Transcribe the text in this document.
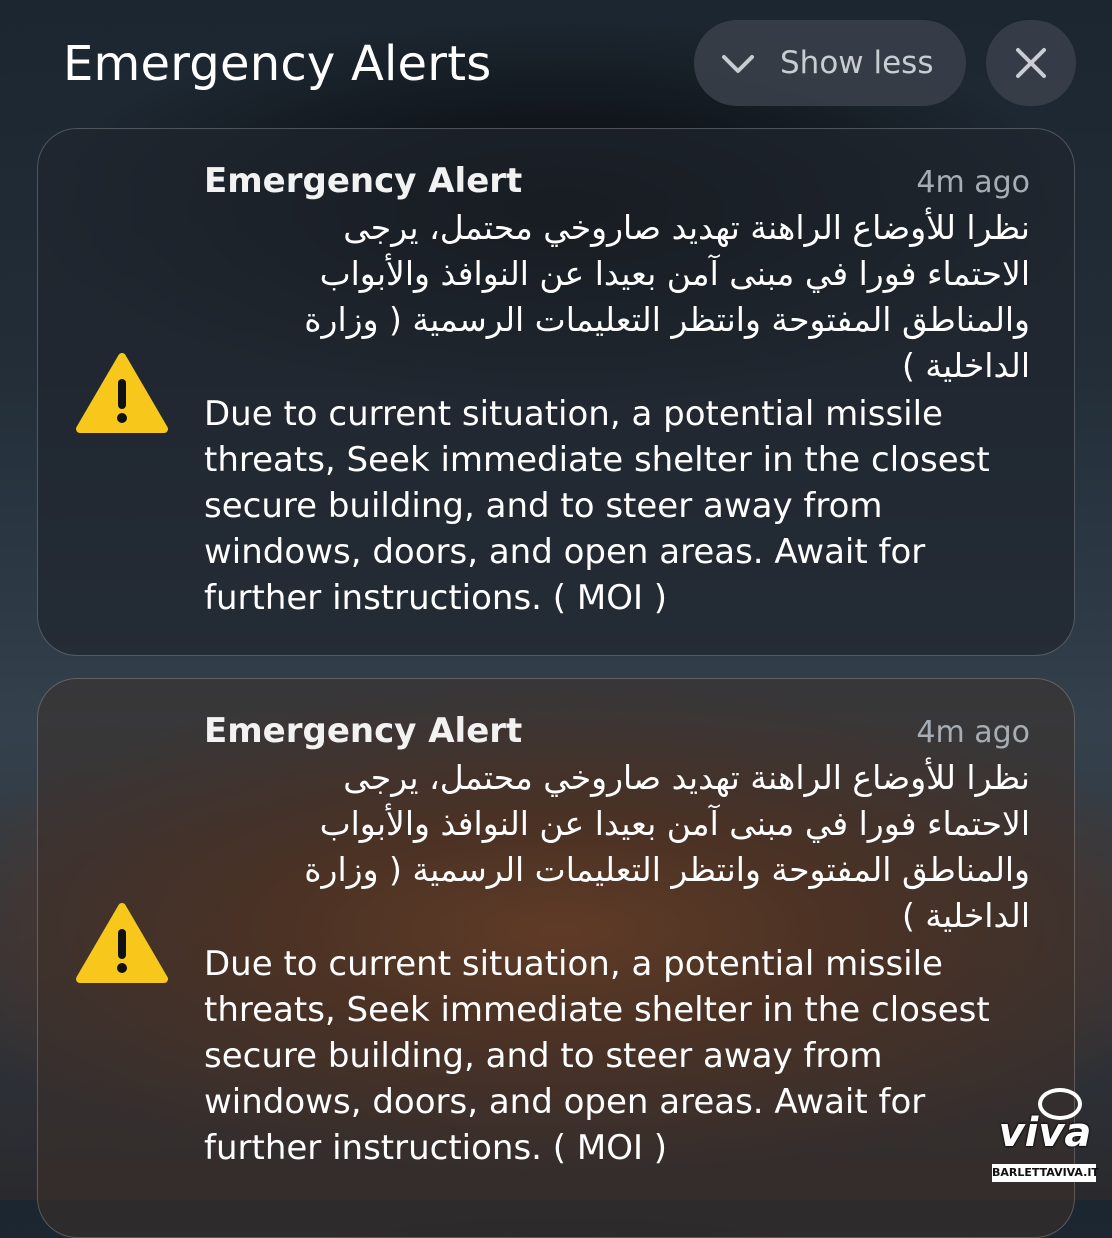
Emergency Alerts	Show less
Emergency Alert	4m ago
نظرا للأوضاع الراهنة تهديد صاروخي محتمل، يرجى الاحتماء فورا في مبنى آمن بعيدا عن النوافذ والأبواب والمناطق المفتوحة وانتظر التعليمات الرسمية ( وزارة الداخلية )
Due to current situation, a potential missile threats, Seek immediate shelter in the closest secure building, and to steer away from windows, doors, and open areas. Await for further instructions. ( MOI )
Emergency Alert	4m ago
نظرا للأوضاع الراهنة تهديد صاروخي محتمل، يرجى الاحتماء فورا في مبنى آمن بعيدا عن النوافذ والأبواب والمناطق المفتوحة وانتظر التعليمات الرسمية ( وزارة الداخلية )
Due to current situation, a potential missile threats, Seek immediate shelter in the closest secure building, and to steer away from windows, doors, and open areas. Await for further instructions. ( MOI )	viva
BARLETTAVIVA.IT
